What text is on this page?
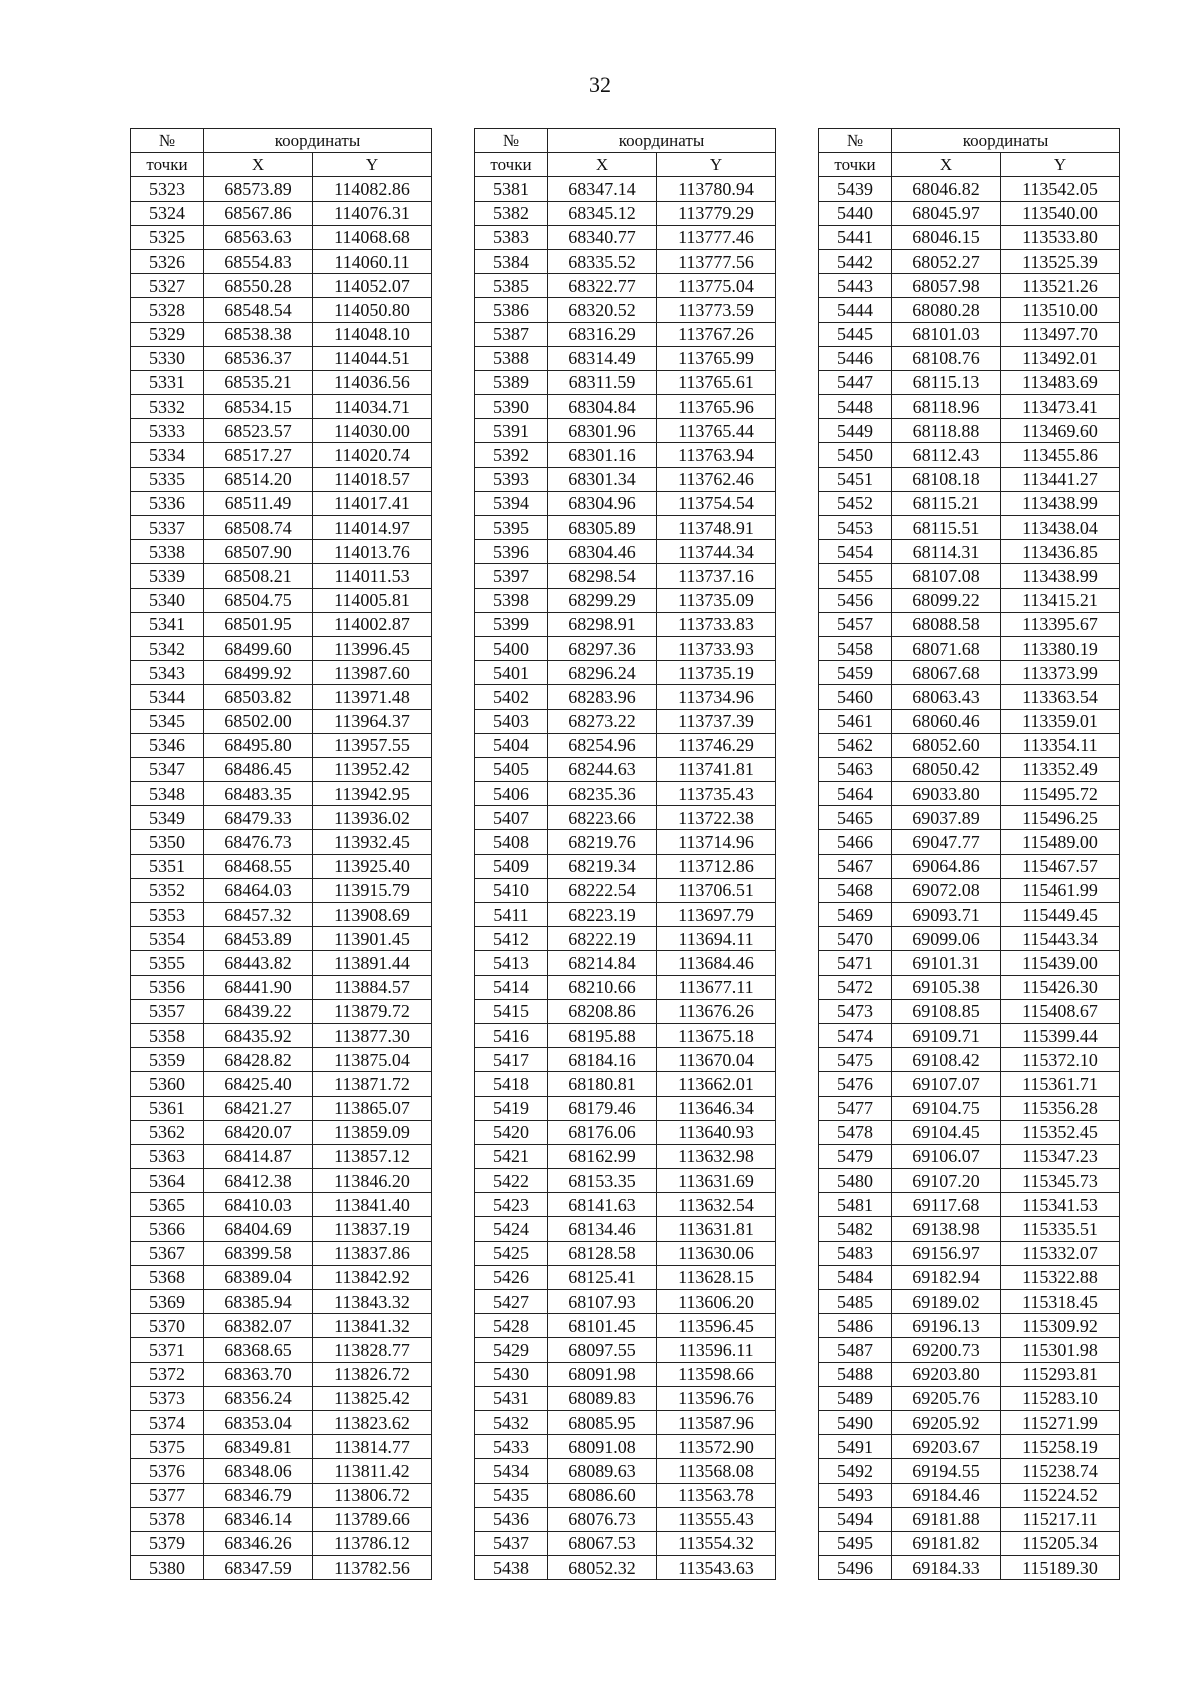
32
№	координаты	
точки	X	Y
5323	68573.89	114082.86
5324	68567.86	114076.31
5325	68563.63	114068.68
5326	68554.83	114060.11
5327	68550.28	114052.07
5328	68548.54	114050.80
5329	68538.38	114048.10
5330	68536.37	114044.51
5331	68535.21	114036.56
5332	68534.15	114034.71
5333	68523.57	114030.00
5334	68517.27	114020.74
5335	68514.20	114018.57
5336	68511.49	114017.41
5337	68508.74	114014.97
5338	68507.90	114013.76
5339	68508.21	114011.53
5340	68504.75	114005.81
5341	68501.95	114002.87
5342	68499.60	113996.45
5343	68499.92	113987.60
5344	68503.82	113971.48
5345	68502.00	113964.37
5346	68495.80	113957.55
5347	68486.45	113952.42
5348	68483.35	113942.95
5349	68479.33	113936.02
5350	68476.73	113932.45
5351	68468.55	113925.40
5352	68464.03	113915.79
5353	68457.32	113908.69
5354	68453.89	113901.45
5355	68443.82	113891.44
5356	68441.90	113884.57
5357	68439.22	113879.72
5358	68435.92	113877.30
5359	68428.82	113875.04
5360	68425.40	113871.72
5361	68421.27	113865.07
5362	68420.07	113859.09
5363	68414.87	113857.12
5364	68412.38	113846.20
5365	68410.03	113841.40
5366	68404.69	113837.19
5367	68399.58	113837.86
5368	68389.04	113842.92
5369	68385.94	113843.32
5370	68382.07	113841.32
5371	68368.65	113828.77
5372	68363.70	113826.72
5373	68356.24	113825.42
5374	68353.04	113823.62
5375	68349.81	113814.77
5376	68348.06	113811.42
5377	68346.79	113806.72
5378	68346.14	113789.66
5379	68346.26	113786.12
5380	68347.59	113782.56
№	координаты	
точки	X	Y
5381	68347.14	113780.94
5382	68345.12	113779.29
5383	68340.77	113777.46
5384	68335.52	113777.56
5385	68322.77	113775.04
5386	68320.52	113773.59
5387	68316.29	113767.26
5388	68314.49	113765.99
5389	68311.59	113765.61
5390	68304.84	113765.96
5391	68301.96	113765.44
5392	68301.16	113763.94
5393	68301.34	113762.46
5394	68304.96	113754.54
5395	68305.89	113748.91
5396	68304.46	113744.34
5397	68298.54	113737.16
5398	68299.29	113735.09
5399	68298.91	113733.83
5400	68297.36	113733.93
5401	68296.24	113735.19
5402	68283.96	113734.96
5403	68273.22	113737.39
5404	68254.96	113746.29
5405	68244.63	113741.81
5406	68235.36	113735.43
5407	68223.66	113722.38
5408	68219.76	113714.96
5409	68219.34	113712.86
5410	68222.54	113706.51
5411	68223.19	113697.79
5412	68222.19	113694.11
5413	68214.84	113684.46
5414	68210.66	113677.11
5415	68208.86	113676.26
5416	68195.88	113675.18
5417	68184.16	113670.04
5418	68180.81	113662.01
5419	68179.46	113646.34
5420	68176.06	113640.93
5421	68162.99	113632.98
5422	68153.35	113631.69
5423	68141.63	113632.54
5424	68134.46	113631.81
5425	68128.58	113630.06
5426	68125.41	113628.15
5427	68107.93	113606.20
5428	68101.45	113596.45
5429	68097.55	113596.11
5430	68091.98	113598.66
5431	68089.83	113596.76
5432	68085.95	113587.96
5433	68091.08	113572.90
5434	68089.63	113568.08
5435	68086.60	113563.78
5436	68076.73	113555.43
5437	68067.53	113554.32
5438	68052.32	113543.63
№	координаты	
точки	X	Y
5439	68046.82	113542.05
5440	68045.97	113540.00
5441	68046.15	113533.80
5442	68052.27	113525.39
5443	68057.98	113521.26
5444	68080.28	113510.00
5445	68101.03	113497.70
5446	68108.76	113492.01
5447	68115.13	113483.69
5448	68118.96	113473.41
5449	68118.88	113469.60
5450	68112.43	113455.86
5451	68108.18	113441.27
5452	68115.21	113438.99
5453	68115.51	113438.04
5454	68114.31	113436.85
5455	68107.08	113438.99
5456	68099.22	113415.21
5457	68088.58	113395.67
5458	68071.68	113380.19
5459	68067.68	113373.99
5460	68063.43	113363.54
5461	68060.46	113359.01
5462	68052.60	113354.11
5463	68050.42	113352.49
5464	69033.80	115495.72
5465	69037.89	115496.25
5466	69047.77	115489.00
5467	69064.86	115467.57
5468	69072.08	115461.99
5469	69093.71	115449.45
5470	69099.06	115443.34
5471	69101.31	115439.00
5472	69105.38	115426.30
5473	69108.85	115408.67
5474	69109.71	115399.44
5475	69108.42	115372.10
5476	69107.07	115361.71
5477	69104.75	115356.28
5478	69104.45	115352.45
5479	69106.07	115347.23
5480	69107.20	115345.73
5481	69117.68	115341.53
5482	69138.98	115335.51
5483	69156.97	115332.07
5484	69182.94	115322.88
5485	69189.02	115318.45
5486	69196.13	115309.92
5487	69200.73	115301.98
5488	69203.80	115293.81
5489	69205.76	115283.10
5490	69205.92	115271.99
5491	69203.67	115258.19
5492	69194.55	115238.74
5493	69184.46	115224.52
5494	69181.88	115217.11
5495	69181.82	115205.34
5496	69184.33	115189.30
